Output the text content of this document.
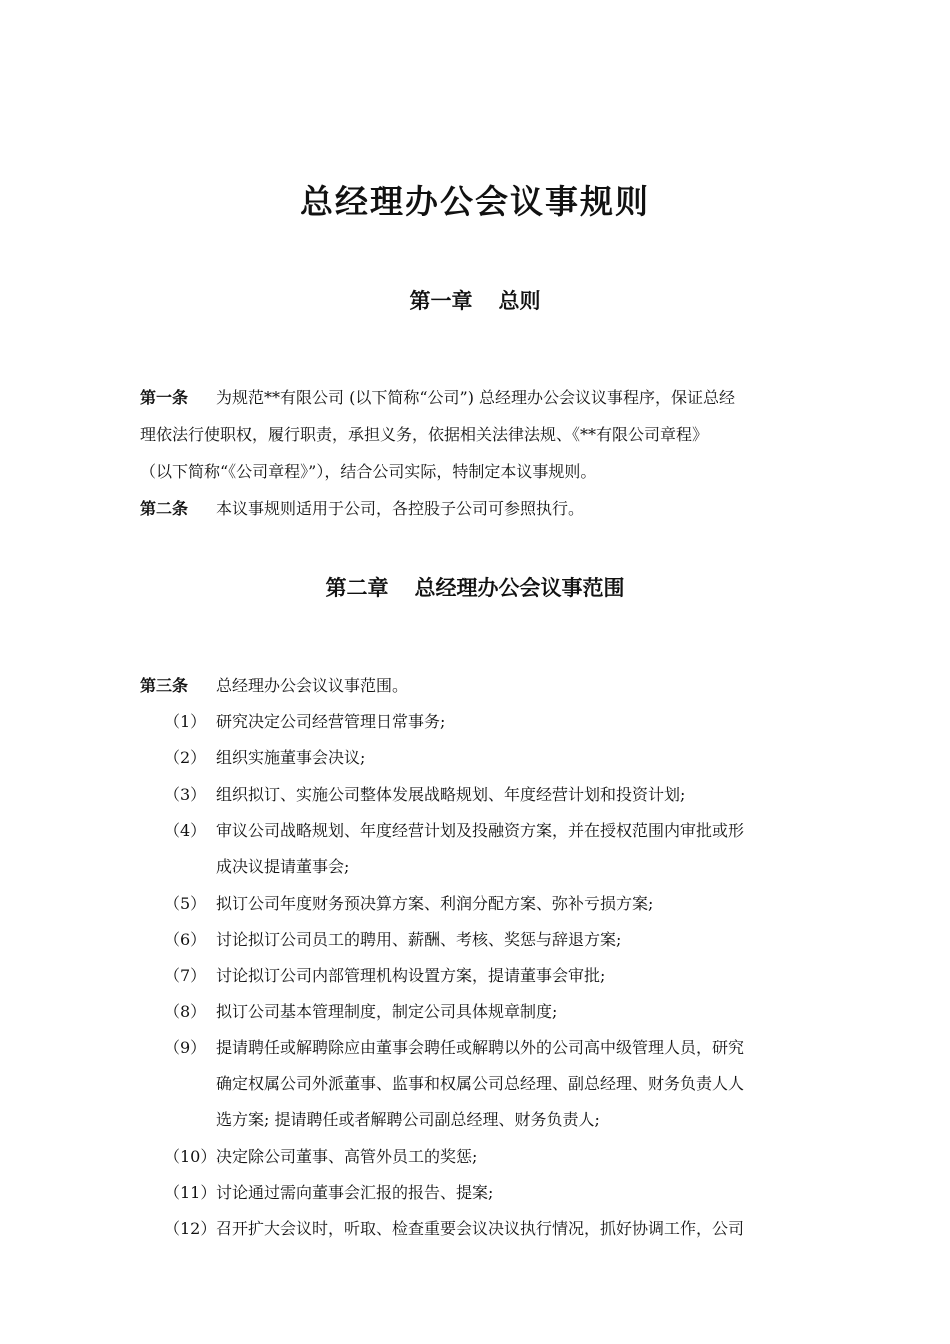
总经理办公会议事规则
第一章 总则
第一条 为规范**有限公司 (以下简称“公司”) 总经理办公会议议事程序，保证总经
理依法行使职权，履行职责，承担义务，依据相关法律法规、《**有限公司章程》
（以下简称“《公司章程》”），结合公司实际，特制定本议事规则。
第二条 本议事规则适用于公司，各控股子公司可参照执行。
第二章 总经理办公会议事范围
第三条 总经理办公会议议事范围。
（1） 研究决定公司经营管理日常事务;
（2） 组织实施董事会决议;
（3） 组织拟订、实施公司整体发展战略规划、年度经营计划和投资计划;
（4） 审议公司战略规划、年度经营计划及投融资方案，并在授权范围内审批或形
成决议提请董事会;
（5） 拟订公司年度财务预决算方案、利润分配方案、弥补亏损方案;
（6） 讨论拟订公司员工的聘用、薪酬、考核、奖惩与辞退方案;
（7） 讨论拟订公司内部管理机构设置方案，提请董事会审批;
（8） 拟订公司基本管理制度，制定公司具体规章制度;
（9） 提请聘任或解聘除应由董事会聘任或解聘以外的公司高中级管理人员，研究
确定权属公司外派董事、监事和权属公司总经理、副总经理、财务负责人人
选方案; 提请聘任或者解聘公司副总经理、财务负责人;
（10）决定除公司董事、高管外员工的奖惩;
（11）讨论通过需向董事会汇报的报告、提案;
（12）召开扩大会议时，听取、检查重要会议决议执行情况，抓好协调工作，公司
